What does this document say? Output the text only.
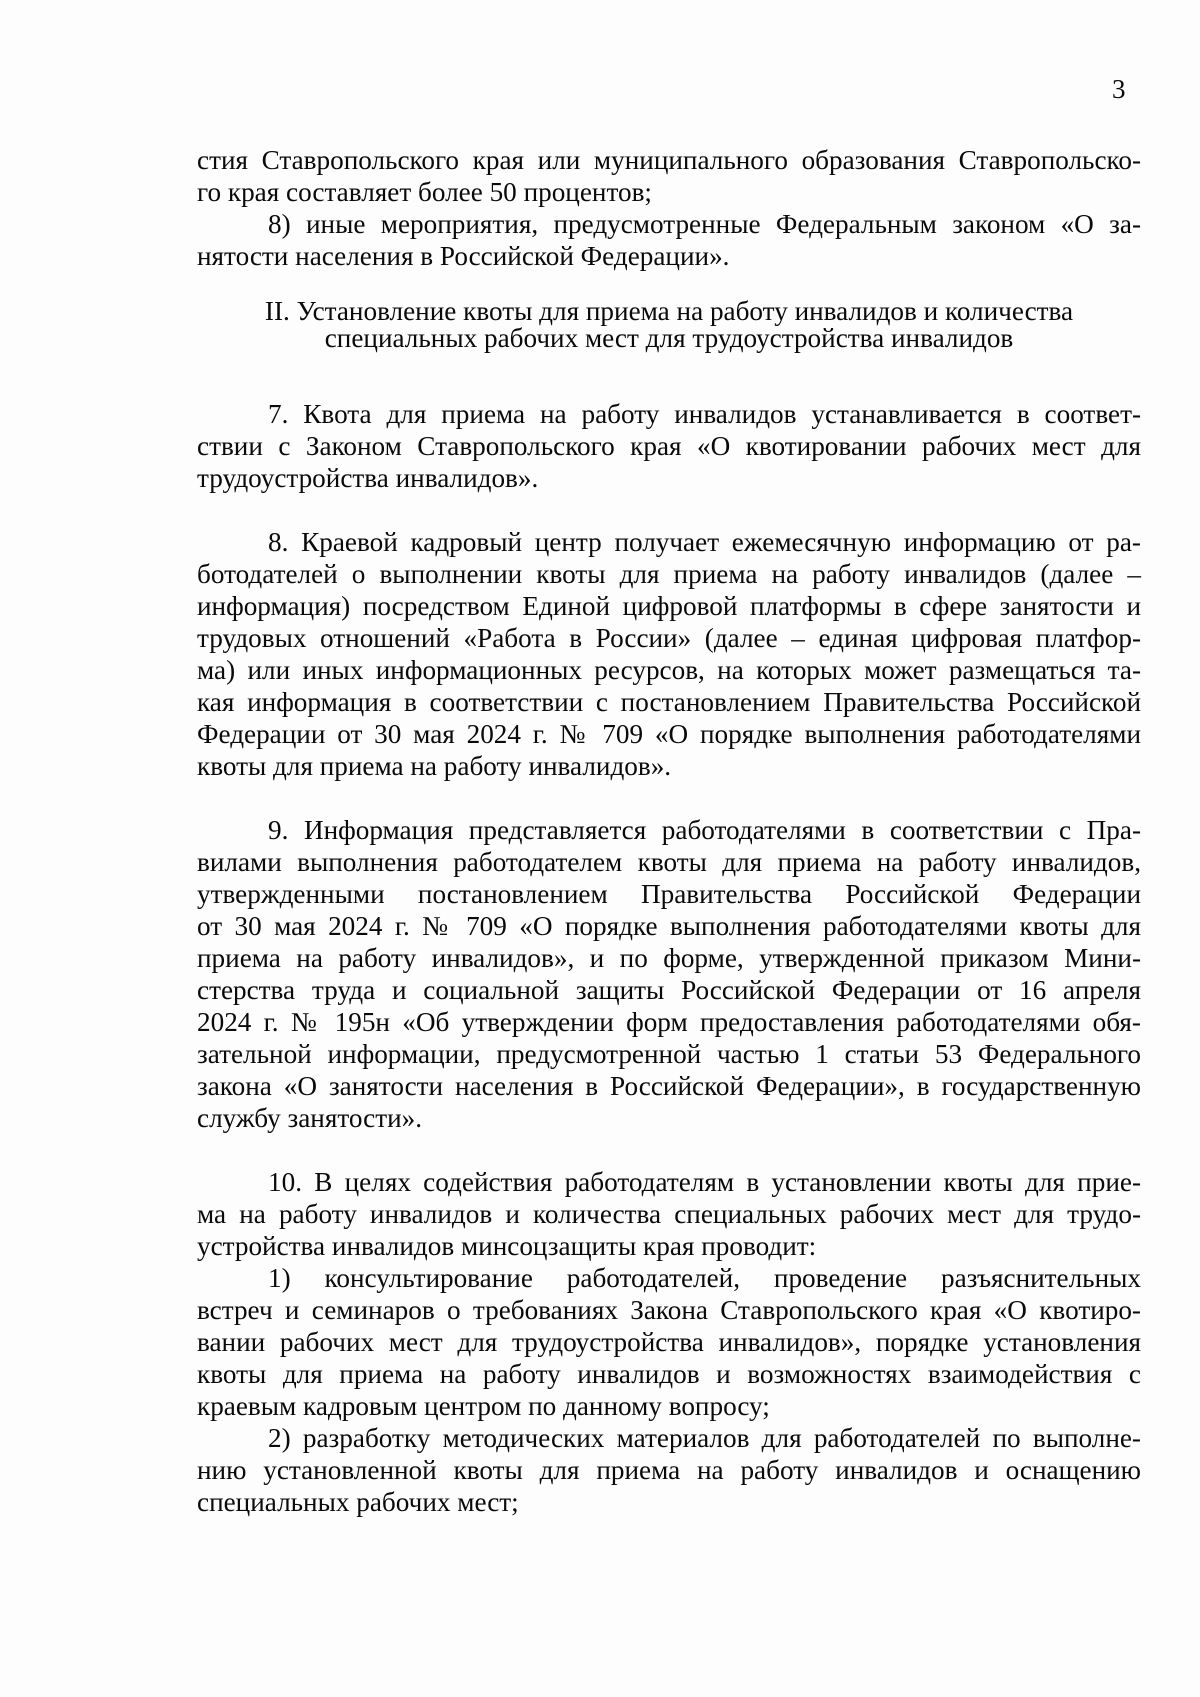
3
стия Ставропольского края или муниципального образования Ставропольско-
го края составляет более 50 процентов;
8) иные мероприятия, предусмотренные Федеральным законом «О за-
нятости населения в Российской Федерации».
II. Установление квоты для приема на работу инвалидов и количества
специальных рабочих мест для трудоустройства инвалидов
7. Квота для приема на работу инвалидов устанавливается в соответ-
ствии с Законом Ставропольского края «О квотировании рабочих мест для
трудоустройства инвалидов».
8. Краевой кадровый центр получает ежемесячную информацию от ра-
ботодателей о выполнении квоты для приема на работу инвалидов (далее –
информация) посредством Единой цифровой платформы в сфере занятости и
трудовых отношений «Работа в России» (далее – единая цифровая платфор-
ма) или иных информационных ресурсов, на которых может размещаться та-
кая информация в соответствии с постановлением Правительства Российской
Федерации от 30 мая 2024 г. № 709 «О порядке выполнения работодателями
квоты для приема на работу инвалидов».
9. Информация представляется работодателями в соответствии с Пра-
вилами выполнения работодателем квоты для приема на работу инвалидов,
утвержденными постановлением Правительства Российской Федерации
от 30 мая 2024 г. № 709 «О порядке выполнения работодателями квоты для
приема на работу инвалидов», и по форме, утвержденной приказом Мини-
стерства труда и социальной защиты Российской Федерации от 16 апреля
2024 г. № 195н «Об утверждении форм предоставления работодателями обя-
зательной информации, предусмотренной частью 1 статьи 53 Федерального
закона «О занятости населения в Российской Федерации», в государственную
службу занятости».
10. В целях содействия работодателям в установлении квоты для прие-
ма на работу инвалидов и количества специальных рабочих мест для трудо-
устройства инвалидов минсоцзащиты края проводит:
1) консультирование работодателей, проведение разъяснительных
встреч и семинаров о требованиях Закона Ставропольского края «О квотиро-
вании рабочих мест для трудоустройства инвалидов», порядке установления
квоты для приема на работу инвалидов и возможностях взаимодействия с
краевым кадровым центром по данному вопросу;
2) разработку методических материалов для работодателей по выполне-
нию установленной квоты для приема на работу инвалидов и оснащению
специальных рабочих мест;
